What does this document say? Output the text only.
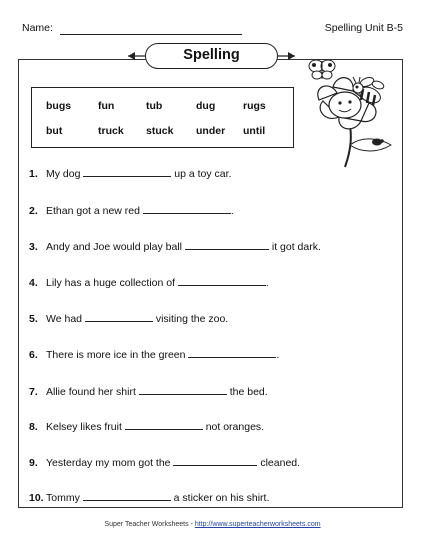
Name:	Spelling Unit B-5
Spelling
bugs	fun	tub	dug	rugs
but	truck stuck under until
1. My dog	up a toy car.
2. Ethan got a new red	.
3. Andy and Joe would play ball	it got dark.
4. Lily has a huge collection of	.
5. We had	visiting the zoo.
6. There is more ice in the green	.
7. Allie found her shirt	the bed.
8. Kelsey likes fruit	not oranges.
9. Yesterday my mom got the	cleaned.
10. Tommy	a sticker on his shirt.
Super Teacher Worksheets - http://www.superteacherworksheets.com
